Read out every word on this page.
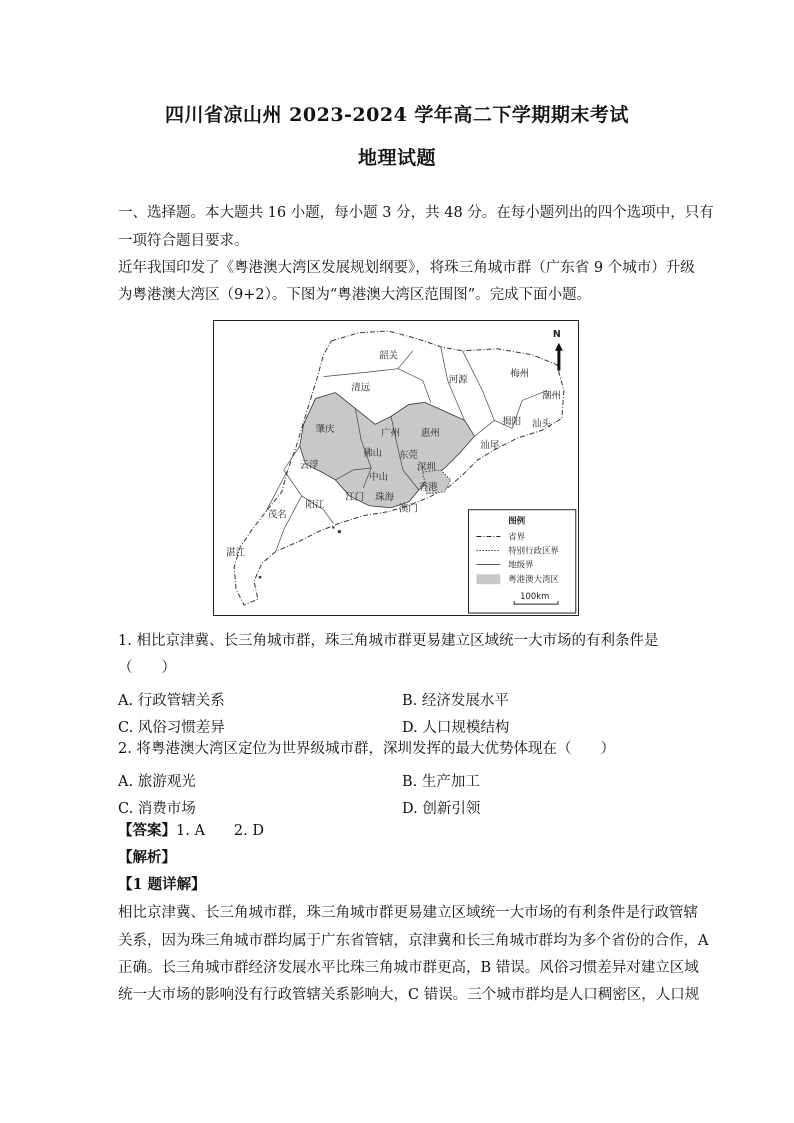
四川省凉山州 2023-2024 学年高二下学期期末考试
地理试题
一、选择题。本大题共 16 小题，每小题 3 分，共 48 分。在每小题列出的四个选项中，只有
一项符合题目要求。
近年我国印发了《粤港澳大湾区发展规划纲要》，将珠三角城市群（广东省 9 个城市）升级
为粤港澳大湾区（9+2）。下图为“粤港澳大湾区范围图”。完成下面小题。
N
韶关
河源
梅州
潮州
清远
肇庆	广州 惠州
揭阳 汕头
汕尾
佛山 东莞
云浮	深圳
中山
香港
江门 珠海
澳门
阳江
茂名
湛江
图例
省界
特别行政区界
地级界
粤港澳大湾区
100km
1. 相比京津冀、长三角城市群，珠三角城市群更易建立区域统一大市场的有利条件是
（　　）
A. 行政管辖关系	B. 经济发展水平
C. 风俗习惯差异	D. 人口规模结构
2. 将粤港澳大湾区定位为世界级城市群，深圳发挥的最大优势体现在（　　）
A. 旅游观光	B. 生产加工
C. 消费市场	D. 创新引领
【答案】1. A　　2. D
【解析】
【1 题详解】
相比京津冀、长三角城市群，珠三角城市群更易建立区域统一大市场的有利条件是行政管辖
关系，因为珠三角城市群均属于广东省管辖，京津冀和长三角城市群均为多个省份的合作，A
正确。长三角城市群经济发展水平比珠三角城市群更高，B 错误。风俗习惯差异对建立区域
统一大市场的影响没有行政管辖关系影响大，C 错误。三个城市群均是人口稠密区，人口规
